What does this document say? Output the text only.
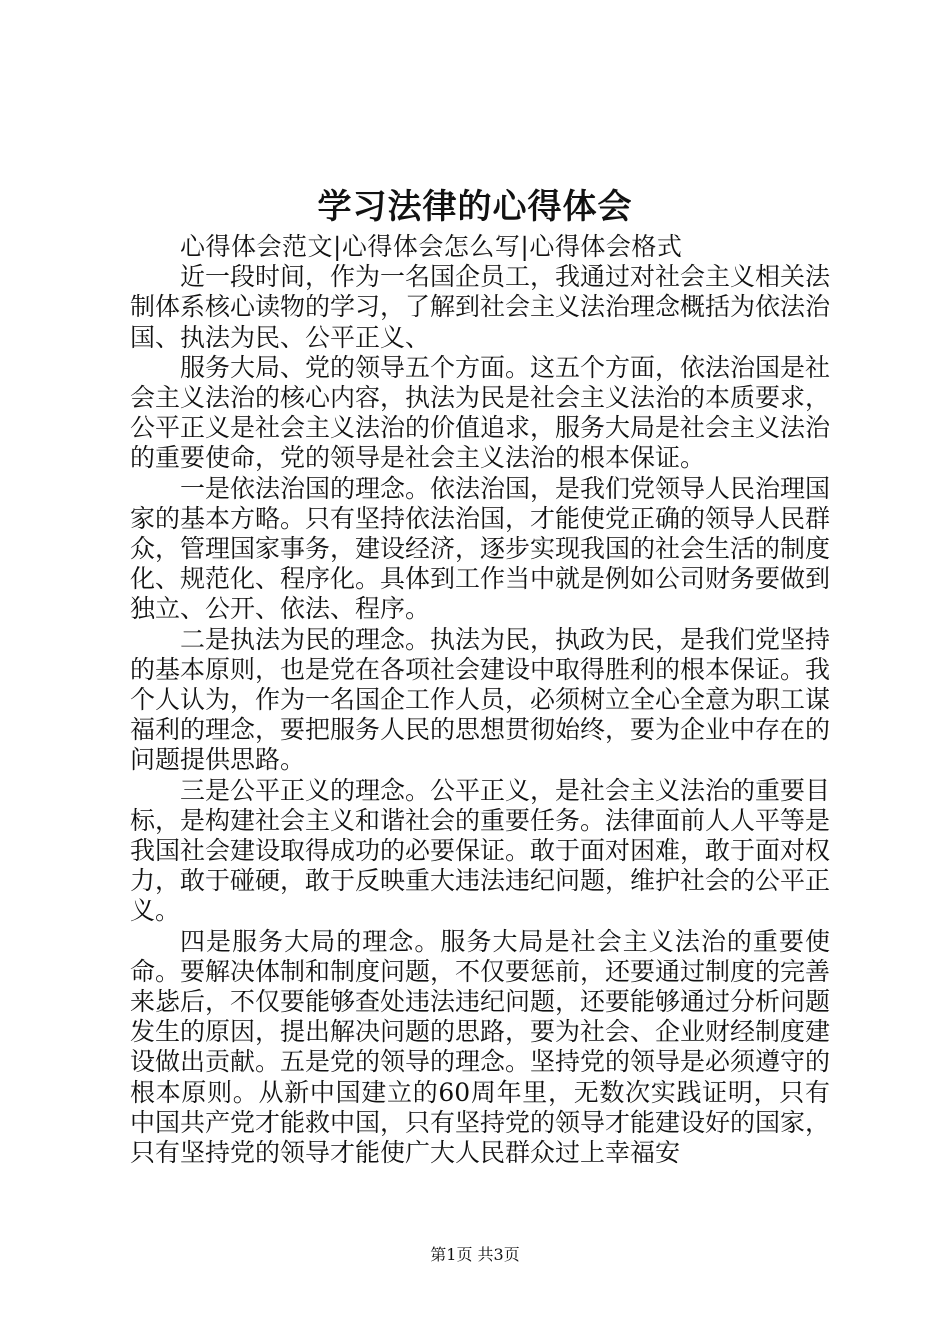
学习法律的心得体会

心得体会范文|心得体会怎么写|心得体会格式

近一段时间，作为一名国企员工，我通过对社会主义相关法制体系核心读物的学习，了解到社会主义法治理念概括为依法治国、执法为民、公平正义、

服务大局、党的领导五个方面。这五个方面，依法治国是社会主义法治的核心内容，执法为民是社会主义法治的本质要求，公平正义是社会主义法治的价值追求，服务大局是社会主义法治的重要使命，党的领导是社会主义法治的根本保证。

一是依法治国的理念。依法治国，是我们党领导人民治理国家的基本方略。只有坚持依法治国，才能使党正确的领导人民群众，管理国家事务，建设经济，逐步实现我国的社会生活的制度化、规范化、程序化。具体到工作当中就是例如公司财务要做到独立、公开、依法、程序。

二是执法为民的理念。执法为民，执政为民，是我们党坚持的基本原则，也是党在各项社会建设中取得胜利的根本保证。我个人认为，作为一名国企工作人员，必须树立全心全意为职工谋福利的理念，要把服务人民的思想贯彻始终，要为企业中存在的问题提供思路。

三是公平正义的理念。公平正义，是社会主义法治的重要目标，是构建社会主义和谐社会的重要任务。法律面前人人平等是我国社会建设取得成功的必要保证。敢于面对困难，敢于面对权力，敢于碰硬，敢于反映重大违法违纪问题，维护社会的公平正义。

四是服务大局的理念。服务大局是社会主义法治的重要使命。要解决体制和制度问题，不仅要惩前，还要通过制度的完善来毖后，不仅要能够查处违法违纪问题，还要能够通过分析问题发生的原因，提出解决问题的思路，要为社会、企业财经制度建设做出贡献。五是党的领导的理念。坚持党的领导是必须遵守的根本原则。从新中国建立的60周年里，无数次实践证明，只有中国共产党才能救中国，只有坚持党的领导才能建设好的国家，只有坚持党的领导才能使广大人民群众过上幸福安

第1页 共3页
